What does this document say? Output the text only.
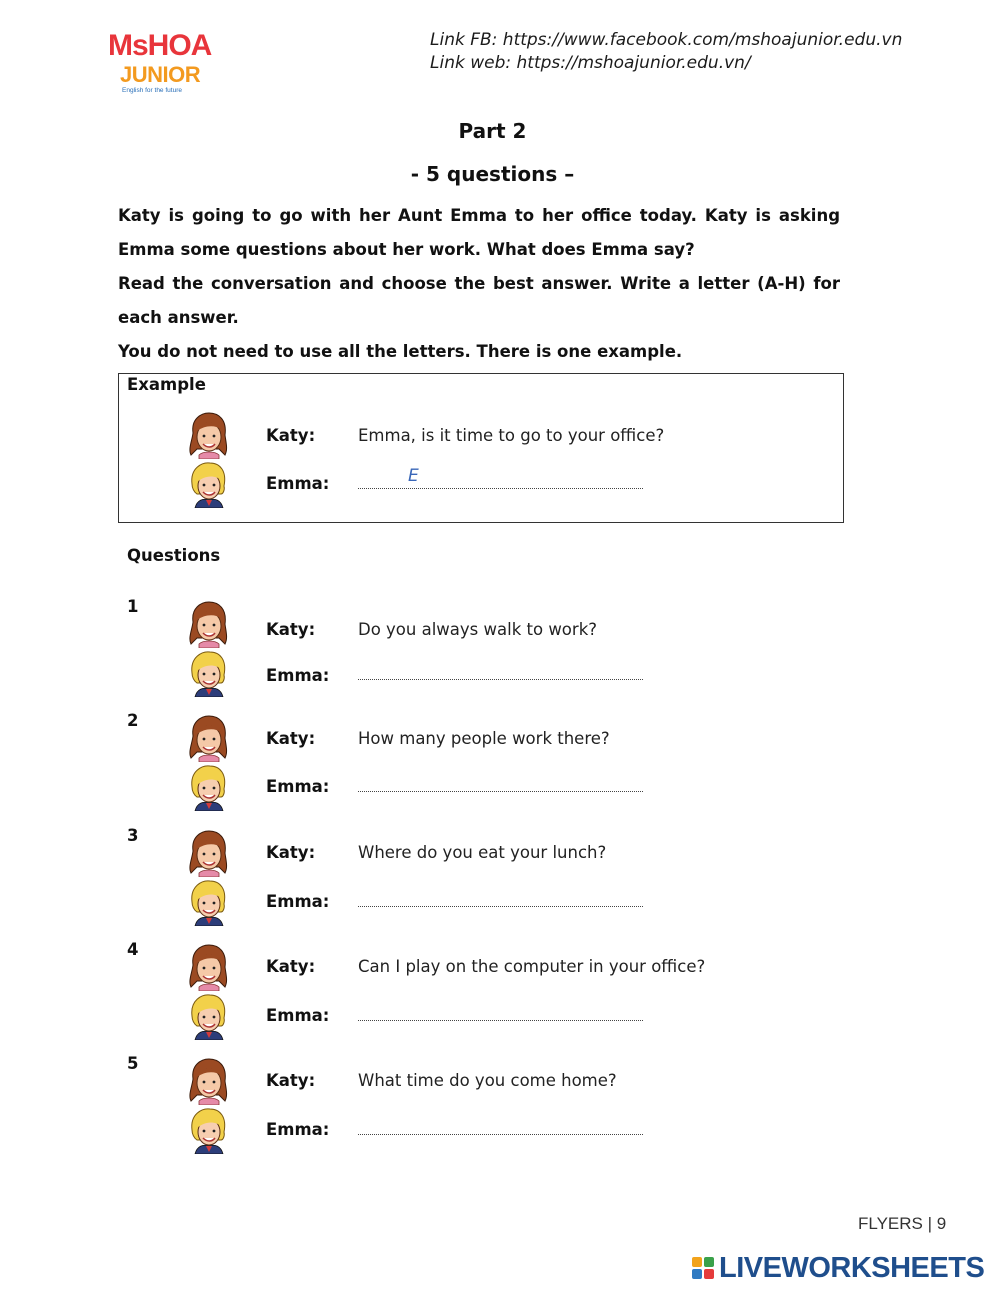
MsHOA
JUNIOR
English for the future
Link FB: https://www.facebook.com/mshoajunior.edu.vn
Link web: https://mshoajunior.edu.vn/
Part 2
- 5 questions –

Katy is going to go with her Aunt Emma to her office today. Katy is asking Emma some questions about her work. What does Emma say?

Read the conversation and choose the best answer. Write a letter (A-H) for each answer.

You do not need to use all the letters. There is one example.

Example
Katy:	Emma, is it time to go to your office?
Emma:	E
Questions
1
Katy:	Do you always walk to work?
Emma:
2
Katy:	How many people work there?
Emma:
3
Katy:	Where do you eat your lunch?
Emma:
4
Katy:	Can I play on the computer in your office?
Emma:
5
Katy:	What time do you come home?
Emma:
FLYERS | 9
LIVEWORKSHEETS
